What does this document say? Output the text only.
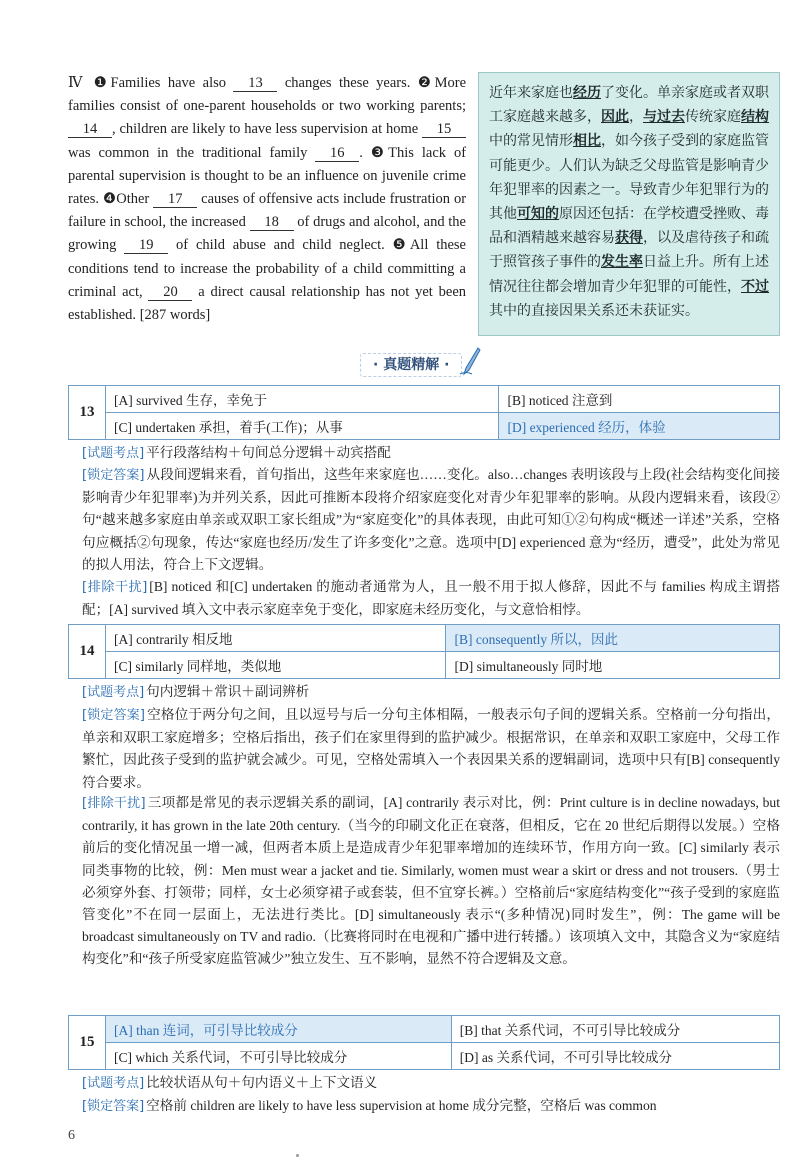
Ⅳ ❶Families have also 13 changes these years. ❷More families consist of one-parent households or two working parents; 14 , children are likely to have less supervision at home 15 was common in the traditional family 16 . ❸This lack of parental supervision is thought to be an influence on juvenile crime rates. ❹Other 17 causes of offensive acts include frustration or failure in school, the increased 18 of drugs and alcohol, and the growing 19 of child abuse and child neglect. ❺All these conditions tend to increase the probability of a child committing a criminal act, 20 a direct causal relationship has not yet been established. [287 words]
近年来家庭也经历了变化。单亲家庭或者双职工家庭越来越多，因此，与过去传统家庭结构中的常见情形相比，如今孩子受到的家庭监管可能更少。人们认为缺乏父母监管是影响青少年犯罪率的因素之一。导致青少年犯罪行为的其他可知的原因还包括：在学校遭受挫败、毒品和酒精越来越容易获得，以及虐待孩子和疏于照管孩子事件的发生率日益上升。所有上述情况往往都会增加青少年犯罪的可能性，不过其中的直接因果关系还未获证实。
· 真题精解 ·
13	[A] survived 生存，幸免于	[B] noticed 注意到
	[C] undertaken 承担，着手(工作)；从事	[D] experienced 经历，体验
[试题考点] 平行段落结构＋句间总分逻辑＋动宾搭配
[锁定答案] 从段间逻辑来看，首句指出，这些年来家庭也……变化。also…changes 表明该段与上段(社会结构变化间接影响青少年犯罪率)为并列关系，因此可推断本段将介绍家庭变化对青少年犯罪率的影响。从段内逻辑来看，该段②句“越来越多家庭由单亲或双职工家长组成”为“家庭变化”的具体表现，由此可知①②句构成“概述一详述”关系，空格句应概括②句现象，传达“家庭也经历/发生了许多变化”之意。选项中[D] experienced 意为“经历，遭受”，此处为常见的拟人用法，符合上下文逻辑。
[排除干扰] [B] noticed 和[C] undertaken 的施动者通常为人，且一般不用于拟人修辞，因此不与 families 构成主谓搭配；[A] survived 填入文中表示家庭幸免于变化，即家庭未经历变化，与文意恰相悖。
14	[A] contrarily 相反地	[B] consequently 所以，因此
	[C] similarly 同样地，类似地	[D] simultaneously 同时地
[试题考点] 句内逻辑＋常识＋副词辨析
[锁定答案] 空格位于两分句之间，且以逗号与后一分句主体相隔，一般表示句子间的逻辑关系。空格前一分句指出，单亲和双职工家庭增多；空格后指出，孩子们在家里得到的监护减少。根据常识，在单亲和双职工家庭中，父母工作繁忙，因此孩子受到的监护就会减少。可见，空格处需填入一个表因果关系的逻辑副词，选项中只有[B] consequently 符合要求。
[排除干扰] 三项都是常见的表示逻辑关系的副词，[A] contrarily 表示对比，例：Print culture is in decline nowadays, but contrarily, it has grown in the late 20th century.（当今的印刷文化正在衰落，但相反，它在 20 世纪后期得以发展。）空格前后的变化情况虽一增一减，但两者本质上是造成青少年犯罪率增加的连续环节，作用方向一致。[C] similarly 表示同类事物的比较，例：Men must wear a jacket and tie. Similarly, women must wear a skirt or dress and not trousers.（男士必须穿外套、打领带；同样，女士必须穿裙子或套装，但不宜穿长裤。）空格前后“家庭结构变化”“孩子受到的家庭监管变化”不在同一层面上，无法进行类比。[D] simultaneously 表示“(多种情况)同时发生”，例：The game will be broadcast simultaneously on TV and radio.（比赛将同时在电视和广播中进行转播。）该项填入文中，其隐含义为“家庭结构变化”和“孩子所受家庭监管减少”独立发生、互不影响，显然不符合逻辑及文意。
15	[A] than 连词，可引导比较成分	[B] that 关系代词，不可引导比较成分
	[C] which 关系代词，不可引导比较成分	[D] as 关系代词，不可引导比较成分
[试题考点] 比较状语从句＋句内语义＋上下文语义
[锁定答案] 空格前 children are likely to have less supervision at home 成分完整，空格后 was common
6
